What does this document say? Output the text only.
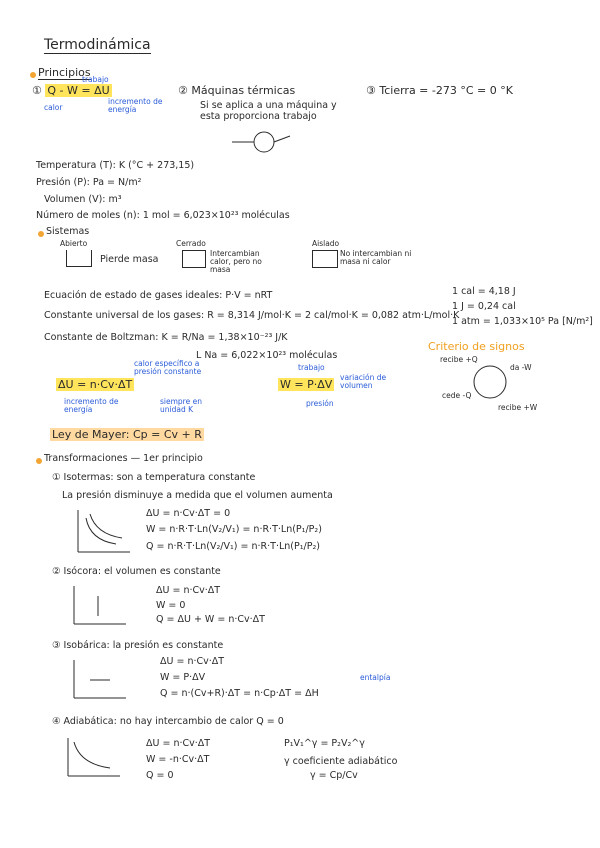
Termodinámica
Principios
① Q - W = ΔU
trabajo
calor
incremento de energía
② Máquinas térmicas
Si se aplica a una máquina y esta proporciona trabajo
③ Tcierra = -273 °C = 0 °K
Temperatura (T): K (°C + 273,15)
Presión (P): Pa = N/m²
Volumen (V): m³
Número de moles (n): 1 mol = 6,023×10²³ moléculas
Sistemas
Abierto
Pierde masa
Cerrado
Intercambian calor, pero no masa
Aislado
No intercambian ni masa ni calor
Ecuación de estado de gases ideales: P·V = nRT
Constante universal de los gases: R = 8,314 J/mol·K = 2 cal/mol·K = 0,082 atm·L/mol·K
Constante de Boltzman: K = R/Na = 1,38×10⁻²³ J/K
L Na = 6,022×10²³ moléculas
1 cal = 4,18 J
1 J = 0,24 cal
1 atm = 1,033×10⁵ Pa [N/m²]
Criterio de signos
recibe +Q
da -W
cede -Q
recibe +W
ΔU = n·Cv·ΔT
calor específico a presión constante
incremento de energía
siempre en unidad K
W = P·ΔV
trabajo
variación de volumen
presión
Ley de Mayer: Cp = Cv + R
Transformaciones — 1er principio
① Isotermas: son a temperatura constante
La presión disminuye a medida que el volumen aumenta
ΔU = n·Cv·ΔT = 0
W = n·R·T·Ln(V₂/V₁) = n·R·T·Ln(P₁/P₂)
Q = n·R·T·Ln(V₂/V₁) = n·R·T·Ln(P₁/P₂)
② Isócora: el volumen es constante
ΔU = n·Cv·ΔT
W = 0
Q = ΔU + W = n·Cv·ΔT
③ Isobárica: la presión es constante
ΔU = n·Cv·ΔT
W = P·ΔV
Q = n·(Cv+R)·ΔT = n·Cp·ΔT = ΔH
entalpía
④ Adiabática: no hay intercambio de calor Q = 0
ΔU = n·Cv·ΔT
W = -n·Cv·ΔT
Q = 0
P₁V₁^γ = P₂V₂^γ
γ coeficiente adiabático
γ = Cp/Cv
